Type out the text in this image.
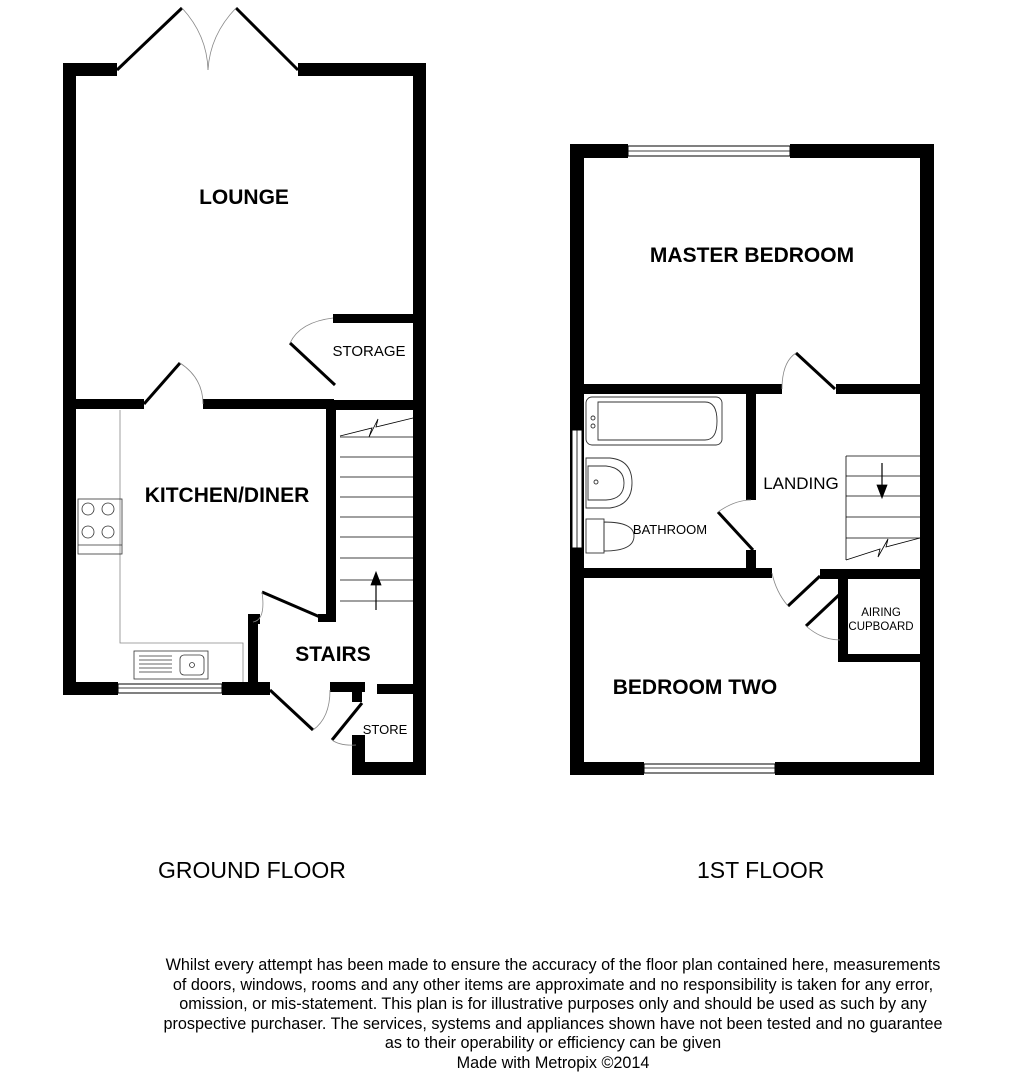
LOUNGE
STORAGE
KITCHEN/DINER
STAIRS
STORE
MASTER BEDROOM
LANDING
BATHROOM
BEDROOM TWO
AIRING
CUPBOARD
GROUND FLOOR	1ST FLOOR
Whilst every attempt has been made to ensure the accuracy of the floor plan contained here, measurements
of doors, windows, rooms and any other items are approximate and no responsibility is taken for any error,
omission, or mis-statement. This plan is for illustrative purposes only and should be used as such by any
prospective purchaser. The services, systems and appliances shown have not been tested and no guarantee
as to their operability or efficiency can be given
Made with Metropix ©2014
